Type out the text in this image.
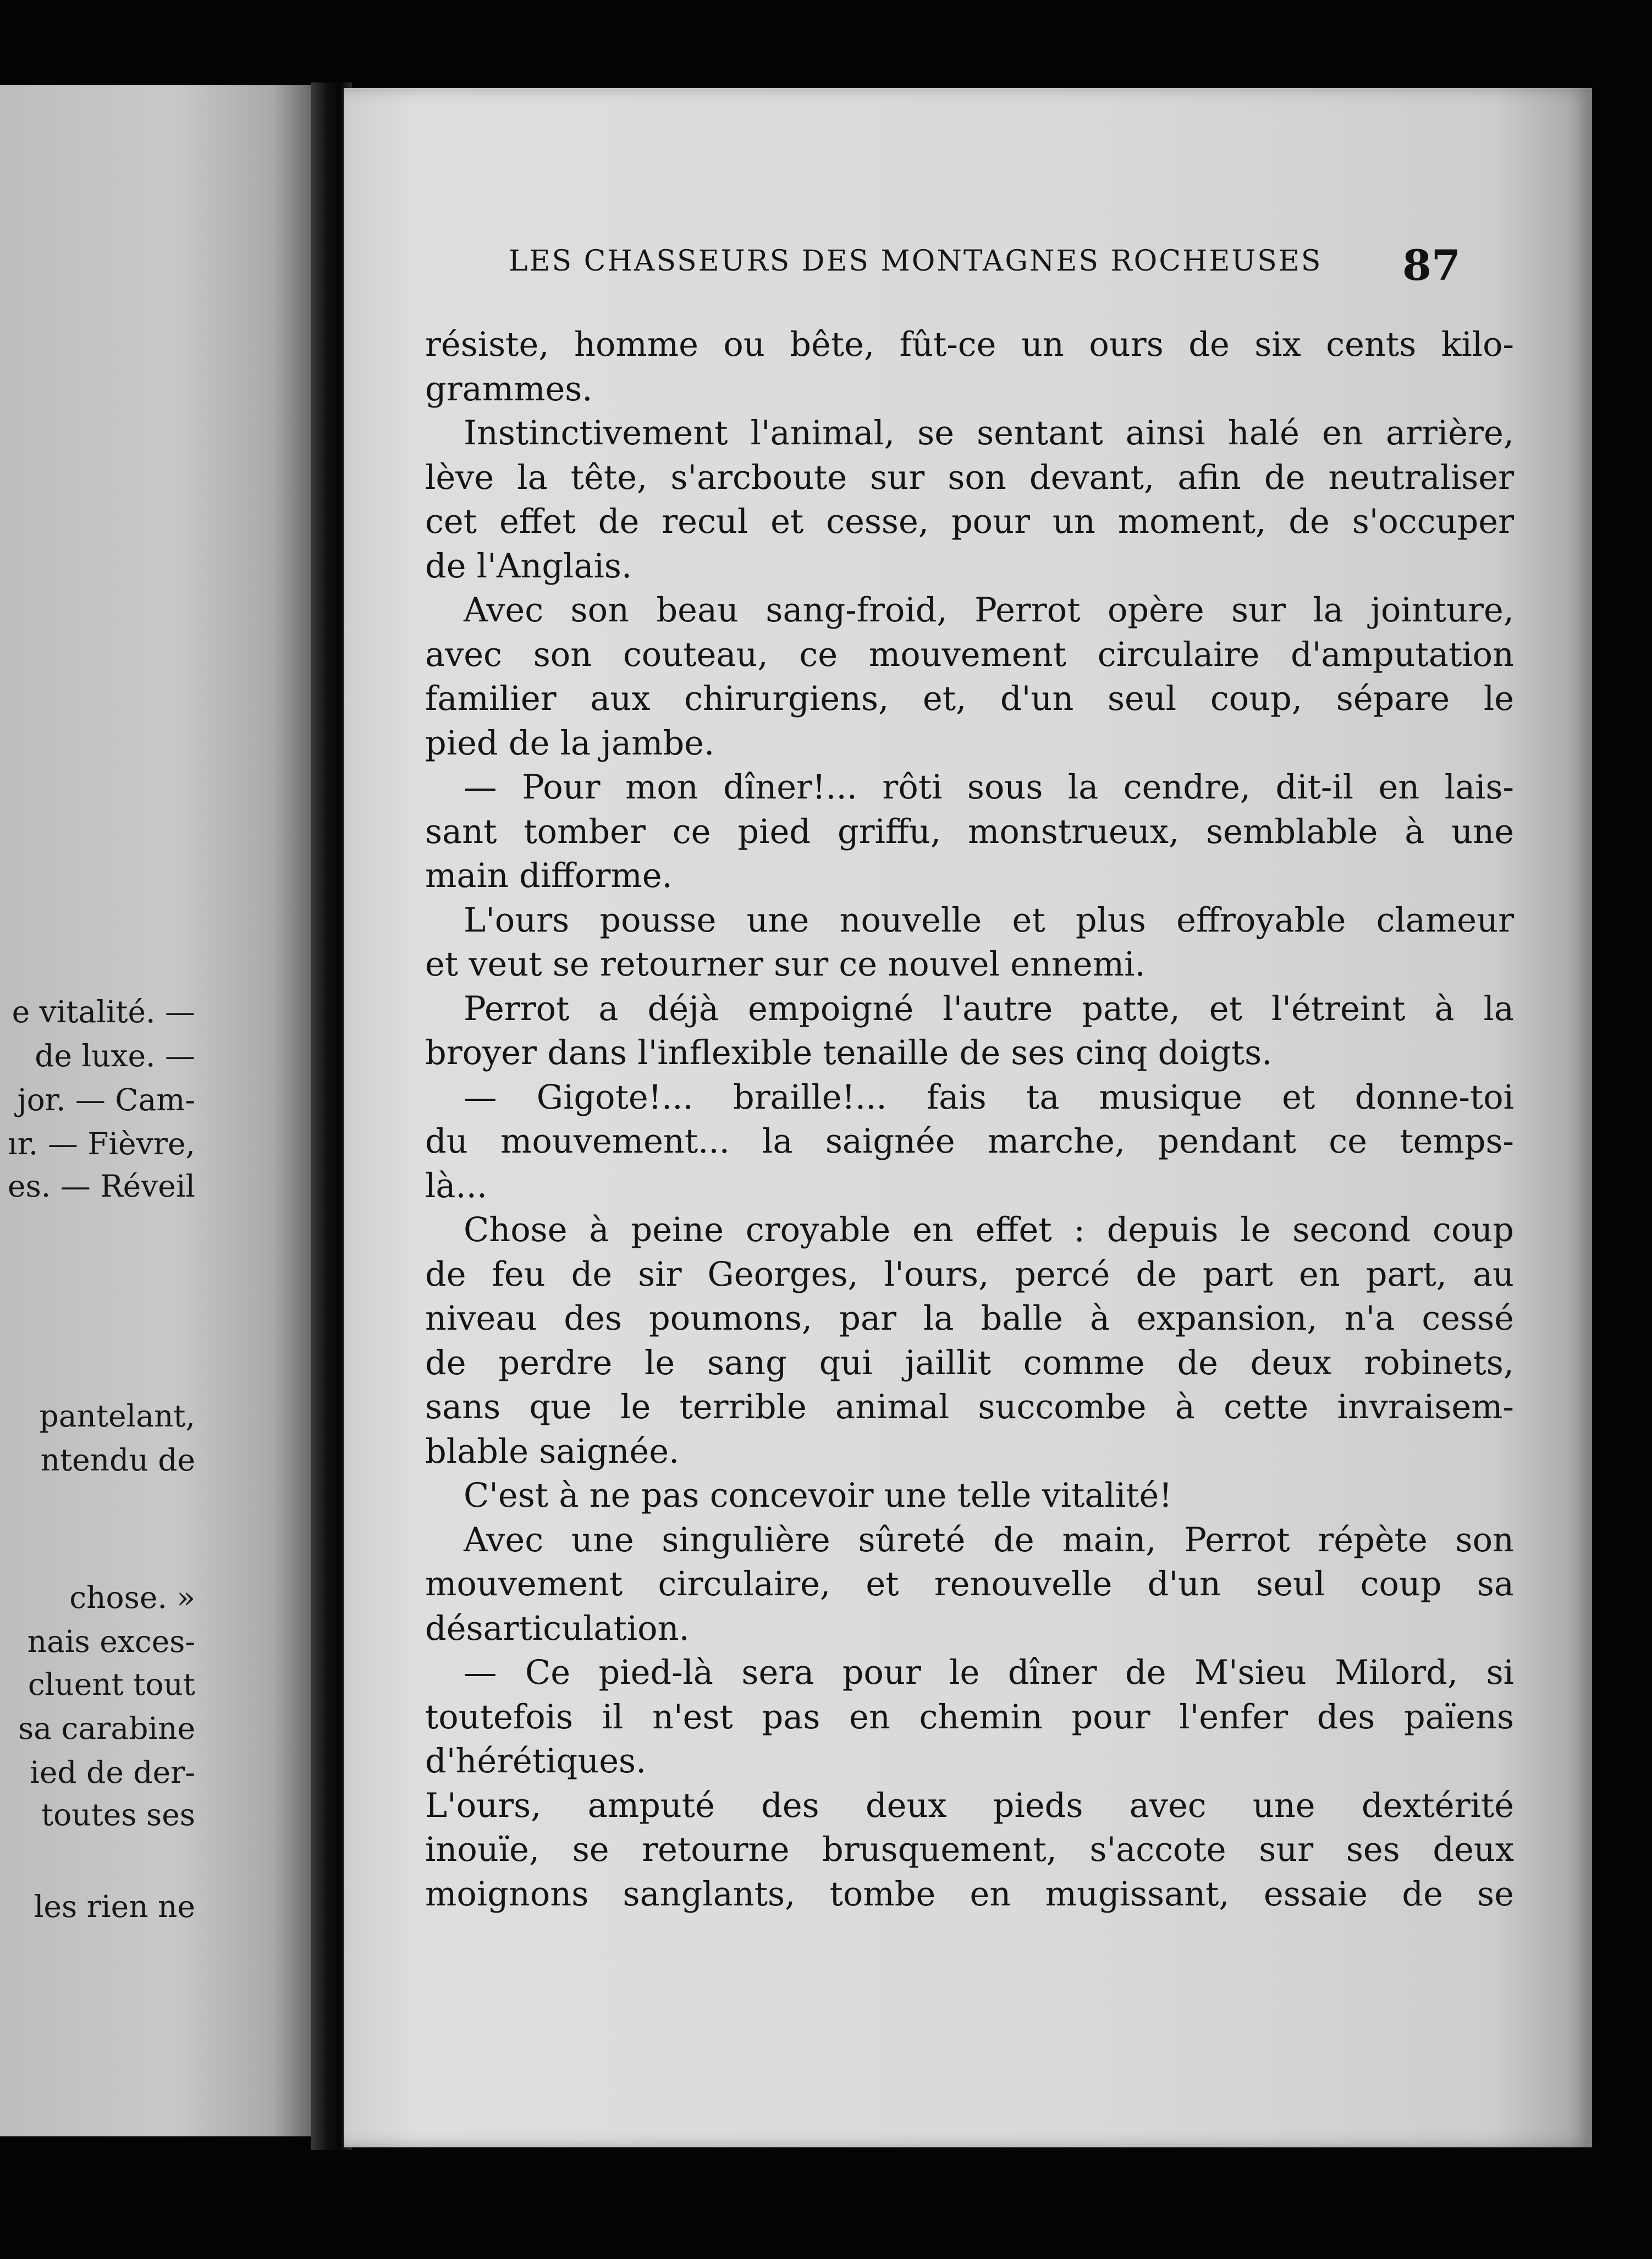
e vitalité. —
de luxe. —
jor. — Cam-
ır. — Fièvre,
es. — Réveil
pantelant,
ntendu de
chose. »
nais exces-
cluent tout
sa carabine
ied de der-
toutes ses
les rien ne
LES CHASSEURS DES MONTAGNES ROCHEUSES 87
résiste, homme ou bête, fût-ce un ours de six cents kilo-
grammes.
Instinctivement l'animal, se sentant ainsi halé en arrière,
lève la tête, s'arcboute sur son devant, afin de neutraliser
cet effet de recul et cesse, pour un moment, de s'occuper
de l'Anglais.
Avec son beau sang-froid, Perrot opère sur la jointure,
avec son couteau, ce mouvement circulaire d'amputation
familier aux chirurgiens, et, d'un seul coup, sépare le
pied de la jambe.
— Pour mon dîner!... rôti sous la cendre, dit-il en lais-
sant tomber ce pied griffu, monstrueux, semblable à une
main difforme.
L'ours pousse une nouvelle et plus effroyable clameur
et veut se retourner sur ce nouvel ennemi.
Perrot a déjà empoigné l'autre patte, et l'étreint à la
broyer dans l'inflexible tenaille de ses cinq doigts.
— Gigote!... braille!... fais ta musique et donne-toi
du mouvement... la saignée marche, pendant ce temps-
là...
Chose à peine croyable en effet : depuis le second coup
de feu de sir Georges, l'ours, percé de part en part, au
niveau des poumons, par la balle à expansion, n'a cessé
de perdre le sang qui jaillit comme de deux robinets,
sans que le terrible animal succombe à cette invraisem-
blable saignée.
C'est à ne pas concevoir une telle vitalité!
Avec une singulière sûreté de main, Perrot répète son
mouvement circulaire, et renouvelle d'un seul coup sa
désarticulation.
— Ce pied-là sera pour le dîner de M'sieu Milord, si
toutefois il n'est pas en chemin pour l'enfer des païens
d'hérétiques.
L'ours, amputé des deux pieds avec une dextérité
inouïe, se retourne brusquement, s'accote sur ses deux
moignons sanglants, tombe en mugissant, essaie de se
